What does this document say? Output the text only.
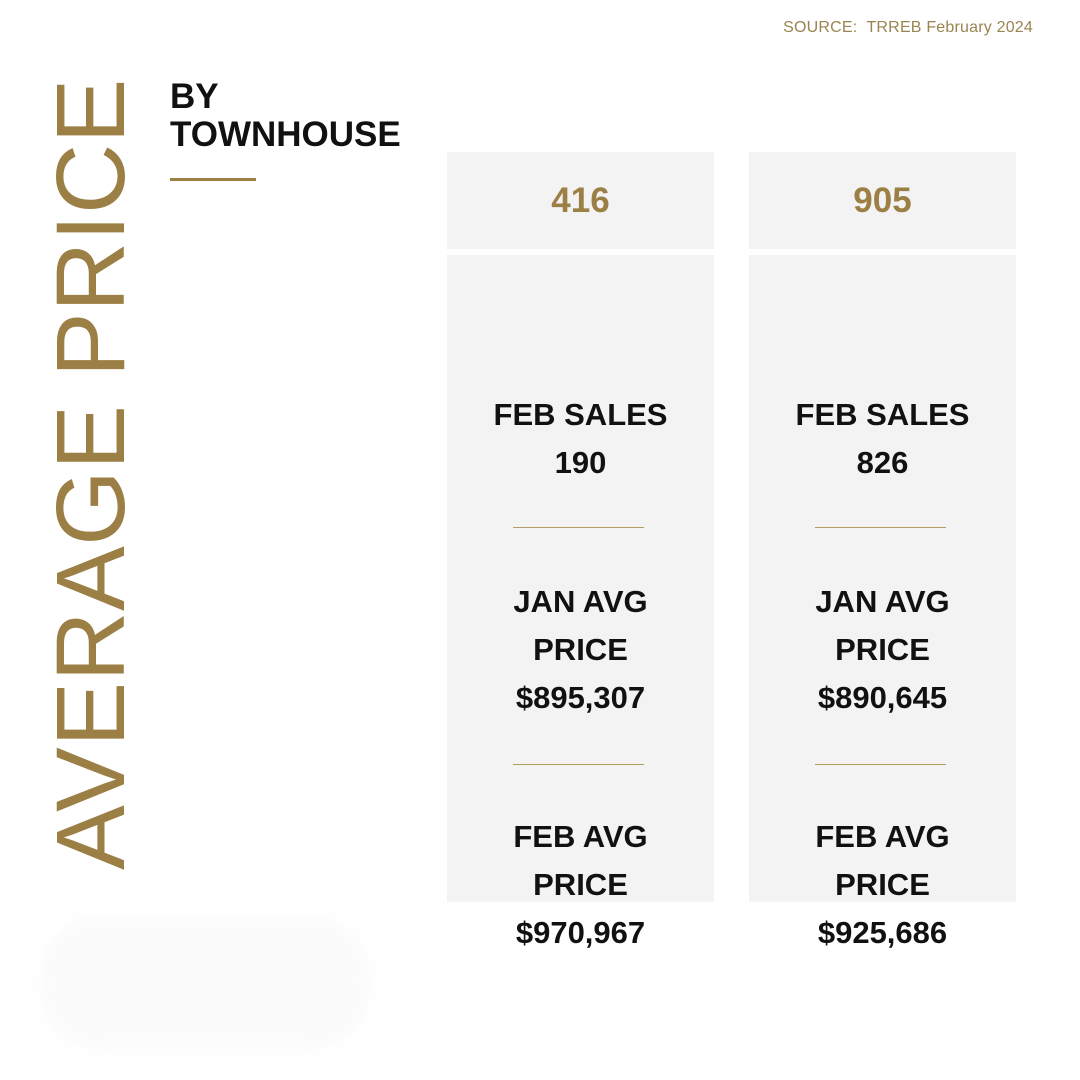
SOURCE:  TRREB February 2024
AVERAGE PRICE BY
TOWNHOUSE
416
FEB SALES
190
JAN AVG
PRICE
$895,307
FEB AVG
PRICE
$970,967
905
FEB SALES
826
JAN AVG
PRICE
$890,645
FEB AVG
PRICE
$925,686
